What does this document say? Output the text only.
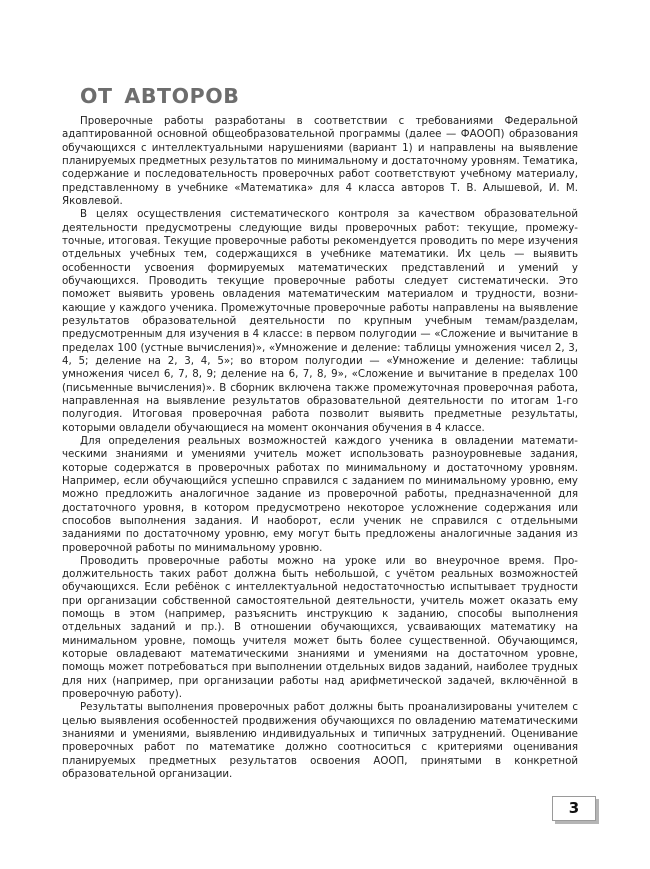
ОТ АВТОРОВ

Проверочные работы разработаны в соответствии с требованиями Федеральной адаптированной основной общеобразовательной программы (далее — ФАООП) образования обучающихся с интеллектуальными нарушениями (вариант 1) и направлены на выявление планируемых предметных результатов по минимальному и достаточному уровням. Тематика, содержание и последовательность проверочных работ соответствуют учебному материалу, представленному в учебнике «Математика» для 4 класса авторов Т. В. Алышевой, И. М. Яковлевой.

В целях осуществления систематического контроля за качеством образовательной деятельности предусмотрены следующие виды проверочных работ: текущие, промежуточные, итоговая. Текущие проверочные работы рекомендуется проводить по мере изучения отдельных учебных тем, содержащихся в учебнике математики. Их цель — выявить особенности усвоения формируемых математических представлений и умений у обучающихся. Проводить текущие проверочные работы следует систематически. Это поможет выявить уровень овладения математическим материалом и трудности, возникающие у каждого ученика. Промежуточные проверочные работы направлены на выявление результатов образовательной деятельности по крупным учебным темам/разделам, предусмотренным для изучения в 4 классе: в первом полугодии — «Сложение и вычитание в пределах 100 (устные вычисления)», «Умножение и деление: таблицы умножения чисел 2, 3, 4, 5; деление на 2, 3, 4, 5»; во втором полугодии — «Умножение и деление: таблицы умножения чисел 6, 7, 8, 9; деление на 6, 7, 8, 9», «Сложение и вычитание в пределах 100 (письменные вычисления)». В сборник включена также промежуточная проверочная работа, направленная на выявление результатов образовательной деятельности по итогам 1-го полугодия. Итоговая проверочная работа позволит выявить предметные результаты, которыми овладели обучающиеся на момент окончания обучения в 4 классе.

Для определения реальных возможностей каждого ученика в овладении математическими знаниями и умениями учитель может использовать разноуровневые задания, которые содержатся в проверочных работах по минимальному и достаточному уровням. Например, если обучающийся успешно справился с заданием по минимальному уровню, ему можно предложить аналогичное задание из проверочной работы, предназначенной для достаточного уровня, в котором предусмотрено некоторое усложнение содержания или способов выполнения задания. И наоборот, если ученик не справился с отдельными заданиями по достаточному уровню, ему могут быть предложены аналогичные задания из проверочной работы по минимальному уровню.

Проводить проверочные работы можно на уроке или во внеурочное время. Продолжительность таких работ должна быть небольшой, с учётом реальных возможностей обучающихся. Если ребёнок с интеллектуальной недостаточностью испытывает трудности при организации собственной самостоятельной деятельности, учитель может оказать ему помощь в этом (например, разъяснить инструкцию к заданию, способы выполнения отдельных заданий и пр.). В отношении обучающихся, усваивающих математику на минимальном уровне, помощь учителя может быть более существенной. Обучающимся, которые овладевают математическими знаниями и умениями на достаточном уровне, помощь может потребоваться при выполнении отдельных видов заданий, наиболее трудных для них (например, при организации работы над арифметической задачей, включённой в проверочную работу).

Результаты выполнения проверочных работ должны быть проанализированы учителем с целью выявления особенностей продвижения обучающихся по овладению математическими знаниями и умениями, выявлению индивидуальных и типичных затруднений. Оценивание проверочных работ по математике должно соотноситься с критериями оценивания планируемых предметных результатов освоения АООП, принятыми в конкретной образовательной организации.

3
